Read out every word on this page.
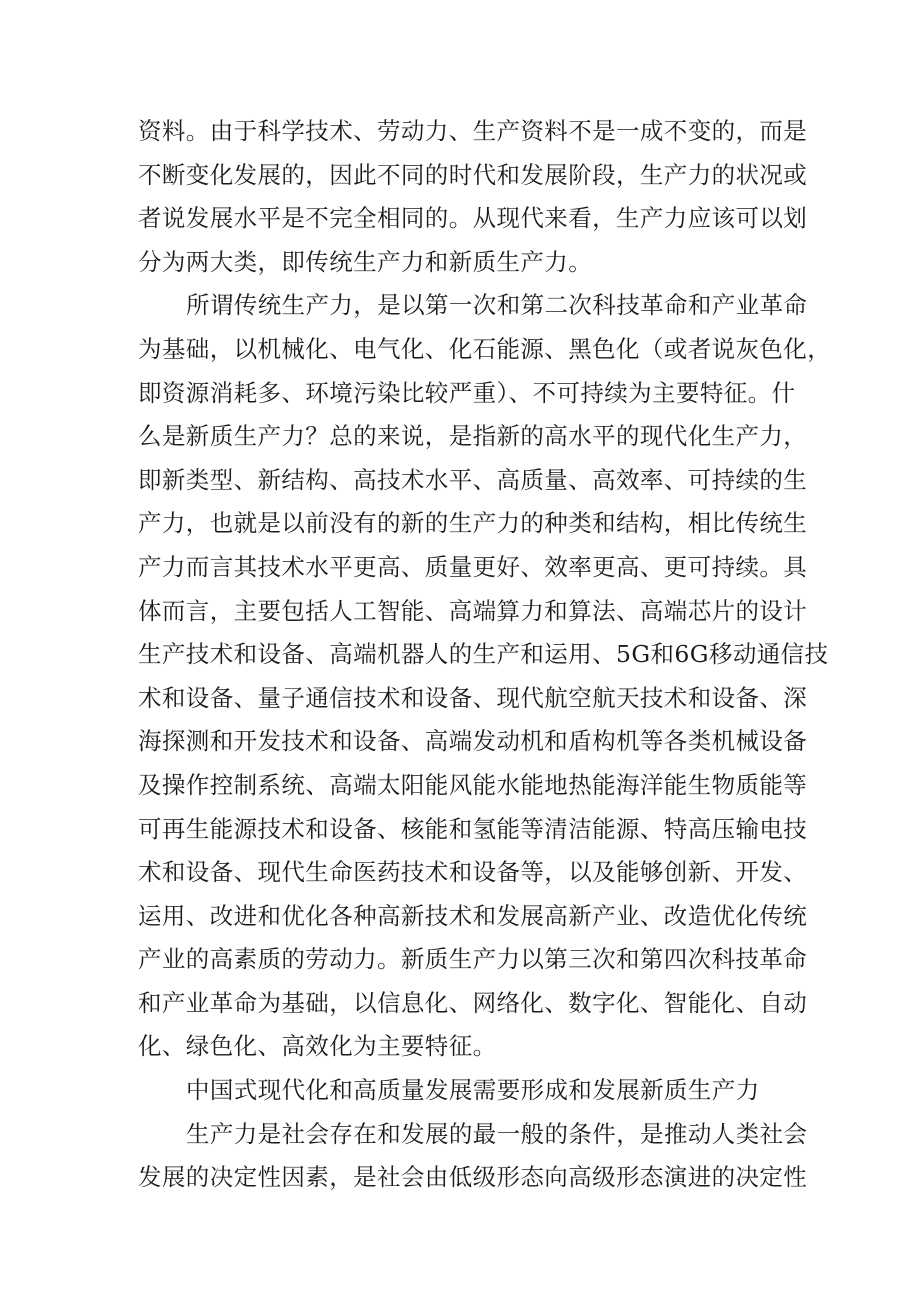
资料。由于科学技术、劳动力、生产资料不是一成不变的，而是
不断变化发展的，因此不同的时代和发展阶段，生产力的状况或
者说发展水平是不完全相同的。从现代来看，生产力应该可以划
分为两大类，即传统生产力和新质生产力。
所谓传统生产力，是以第一次和第二次科技革命和产业革命
为基础，以机械化、电气化、化石能源、黑色化（或者说灰色化，
即资源消耗多、环境污染比较严重）、不可持续为主要特征。什
么是新质生产力？总的来说，是指新的高水平的现代化生产力，
即新类型、新结构、高技术水平、高质量、高效率、可持续的生
产力，也就是以前没有的新的生产力的种类和结构，相比传统生
产力而言其技术水平更高、质量更好、效率更高、更可持续。具
体而言，主要包括人工智能、高端算力和算法、高端芯片的设计
生产技术和设备、高端机器人的生产和运用、5G和6G移动通信技
术和设备、量子通信技术和设备、现代航空航天技术和设备、深
海探测和开发技术和设备、高端发动机和盾构机等各类机械设备
及操作控制系统、高端太阳能风能水能地热能海洋能生物质能等
可再生能源技术和设备、核能和氢能等清洁能源、特高压输电技
术和设备、现代生命医药技术和设备等，以及能够创新、开发、
运用、改进和优化各种高新技术和发展高新产业、改造优化传统
产业的高素质的劳动力。新质生产力以第三次和第四次科技革命
和产业革命为基础，以信息化、网络化、数字化、智能化、自动
化、绿色化、高效化为主要特征。
中国式现代化和高质量发展需要形成和发展新质生产力
生产力是社会存在和发展的最一般的条件，是推动人类社会
发展的决定性因素，是社会由低级形态向高级形态演进的决定性
